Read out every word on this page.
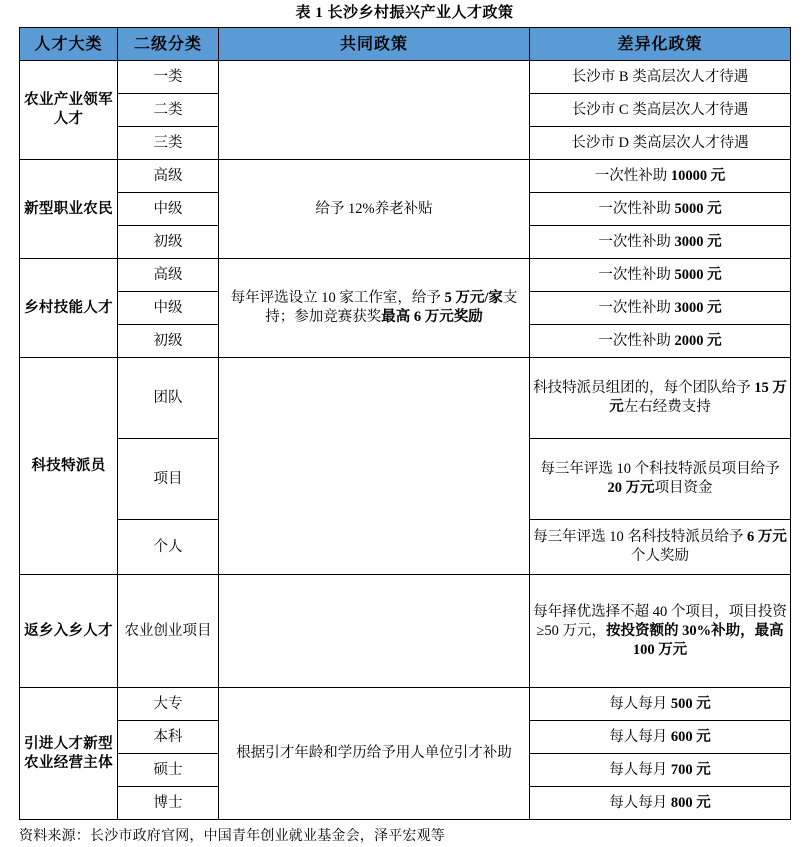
表 1 长沙乡村振兴产业人才政策
人才大类	二级分类	共同政策	差异化政策
农业产业领军人才	一类		长沙市 B 类高层次人才待遇
	二类		长沙市 C 类高层次人才待遇
	三类		长沙市 D 类高层次人才待遇
新型职业农民	高级	给予 12%养老补贴	一次性补助 10000 元
	中级		一次性补助 5000 元
	初级		一次性补助 3000 元
乡村技能人才	高级	每年评选设立 10 家工作室，给予 5 万元/家支持；参加竞赛获奖最高 6 万元奖励	一次性补助 5000 元
	中级		一次性补助 3000 元
	初级		一次性补助 2000 元
科技特派员	团队		科技特派员组团的，每个团队给予 15 万元左右经费支持
	项目		每三年评选 10 个科技特派员项目给予 20 万元项目资金
	个人		每三年评选 10 名科技特派员给予 6 万元个人奖励
返乡入乡人才	农业创业项目		每年择优选择不超 40 个项目，项目投资≥50 万元，按投资额的 30%补助，最高 100 万元
引进人才新型农业经营主体	大专	根据引才年龄和学历给予用人单位引才补助	每人每月 500 元
	本科		每人每月 600 元
	硕士		每人每月 700 元
	博士		每人每月 800 元
资料来源：长沙市政府官网，中国青年创业就业基金会，泽平宏观等
